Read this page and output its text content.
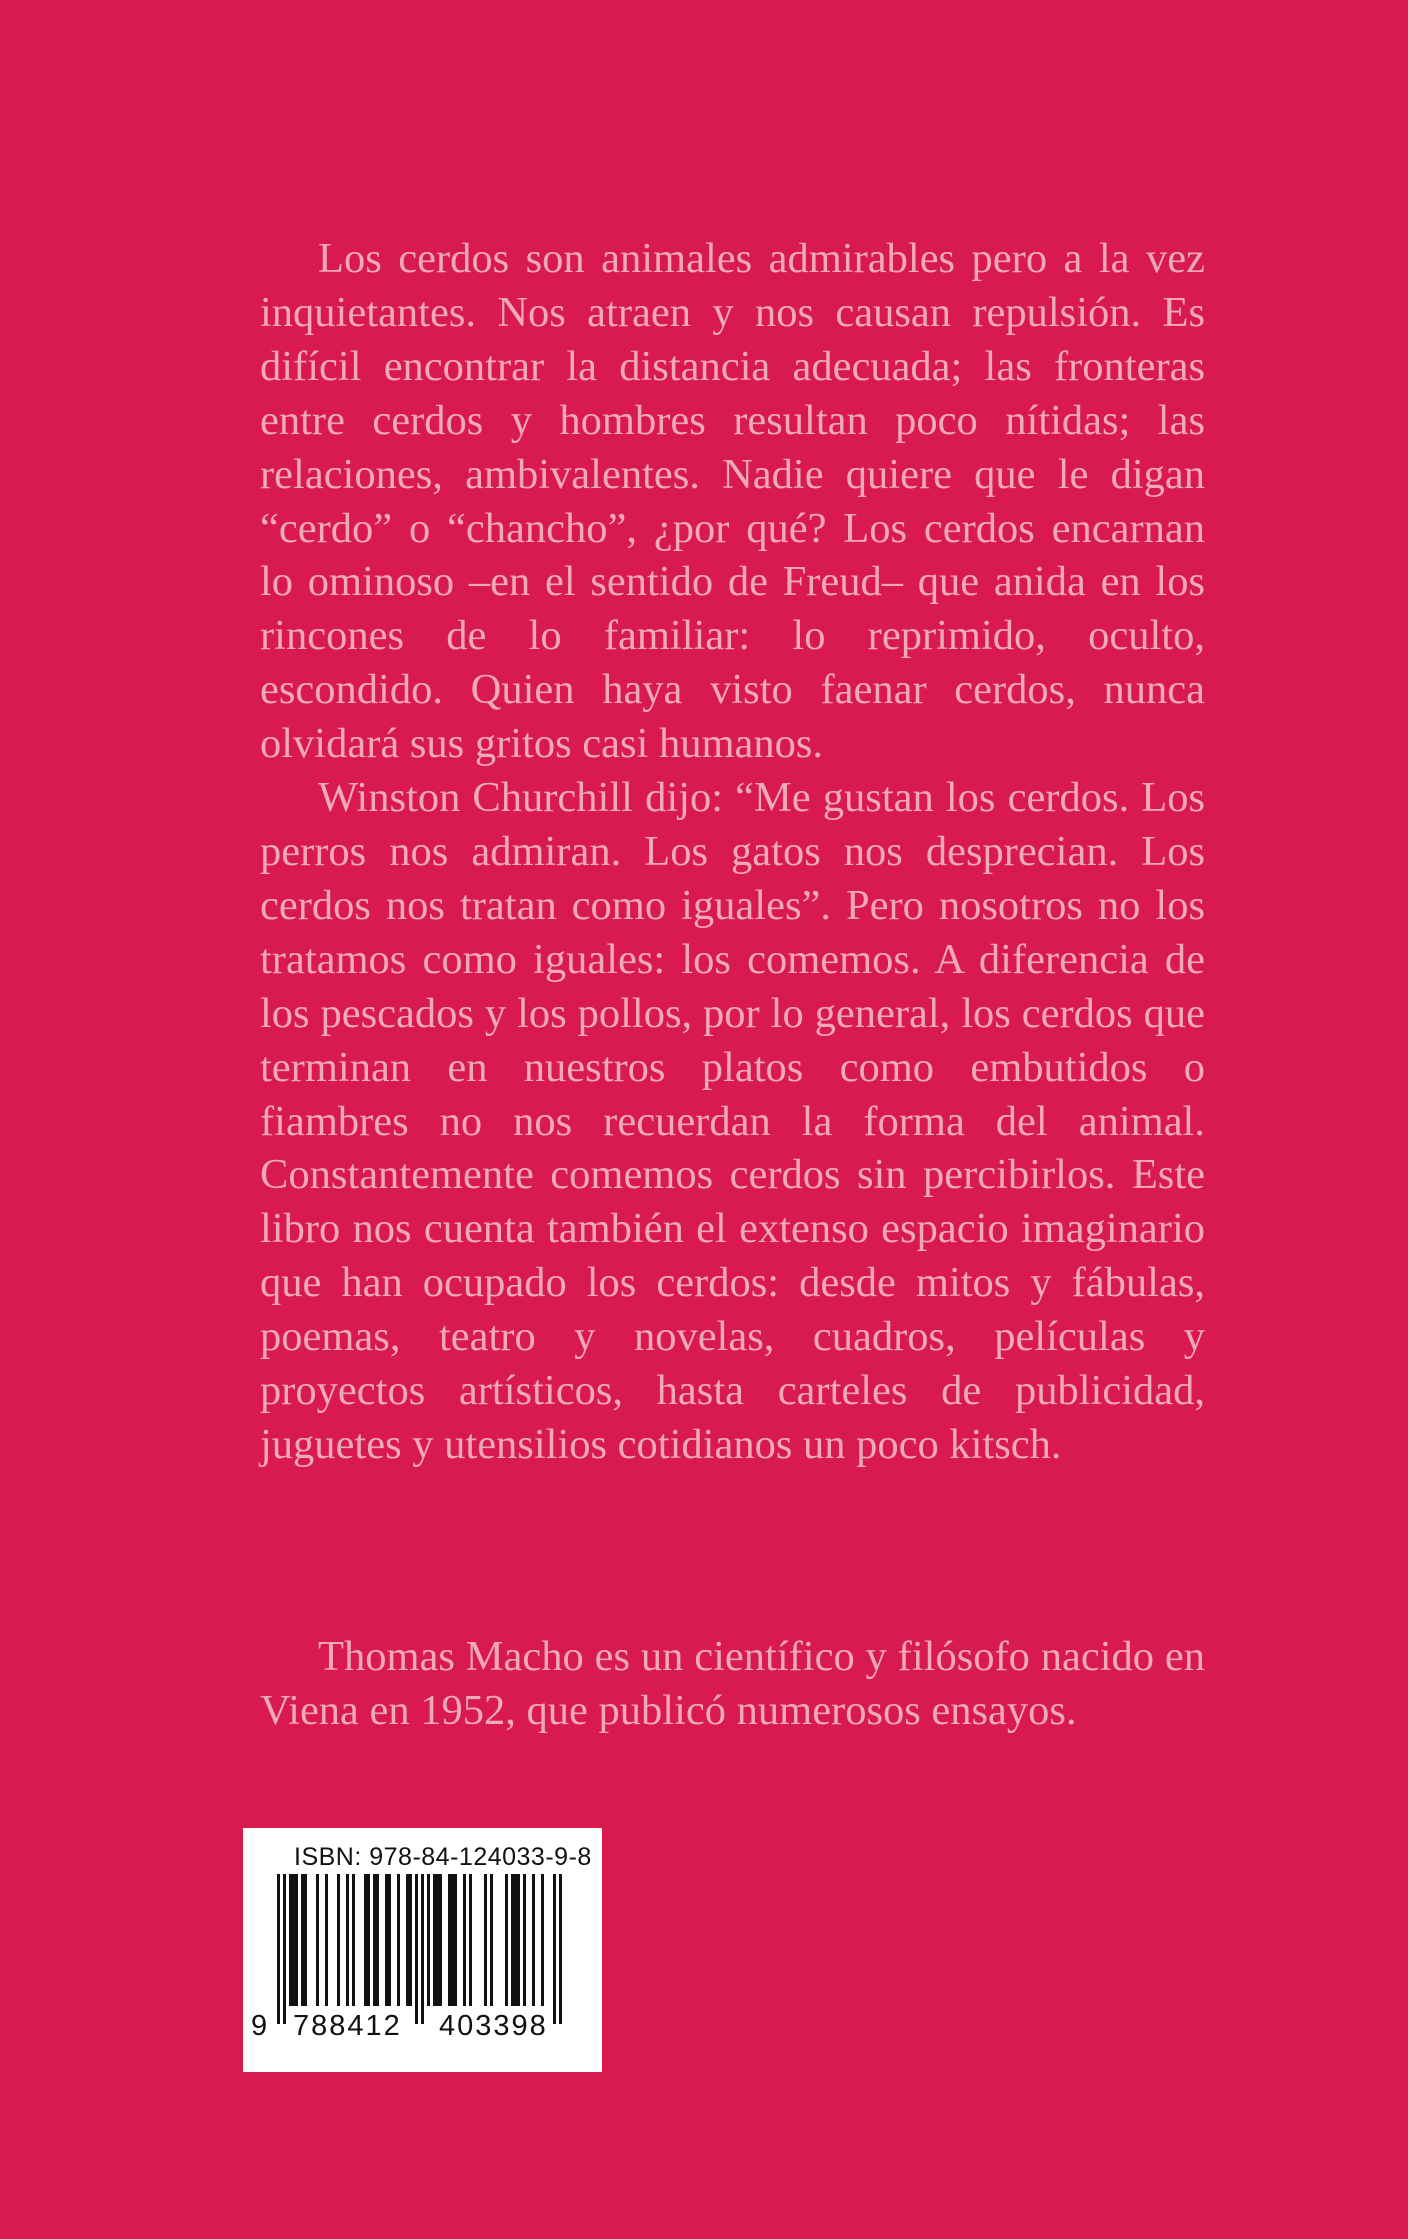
Los cerdos son animales admirables pero a la vez inquietantes. Nos atraen y nos causan repulsión. Es difícil encontrar la distancia adecuada; las fronteras entre cerdos y hombres resultan poco nítidas; las relaciones, ambivalentes. Nadie quiere que le digan “cerdo” o “chancho”, ¿por qué? Los cerdos encarnan lo ominoso –en el sentido de Freud– que anida en los rincones de lo familiar: lo reprimido, oculto, escondido. Quien haya visto faenar cerdos, nunca olvidará sus gritos casi humanos.

Winston Churchill dijo: “Me gustan los cerdos. Los perros nos admiran. Los gatos nos desprecian. Los cerdos nos tratan como iguales”. Pero nosotros no los tratamos como iguales: los comemos. A diferencia de los pescados y los pollos, por lo general, los cerdos que terminan en nuestros platos como embutidos o fiambres no nos recuerdan la forma del animal. Constantemente comemos cerdos sin percibirlos. Este libro nos cuenta también el extenso espacio imaginario que han ocupado los cerdos: desde mitos y fábulas, poemas, teatro y novelas, cuadros, películas y proyectos artísticos, hasta carteles de publicidad, juguetes y utensilios cotidianos un poco kitsch.

Thomas Macho es un científico y filósofo nacido en Viena en 1952, que publicó numerosos ensayos.

ISBN: 978-84-124033-9-8
9 788412 403398
